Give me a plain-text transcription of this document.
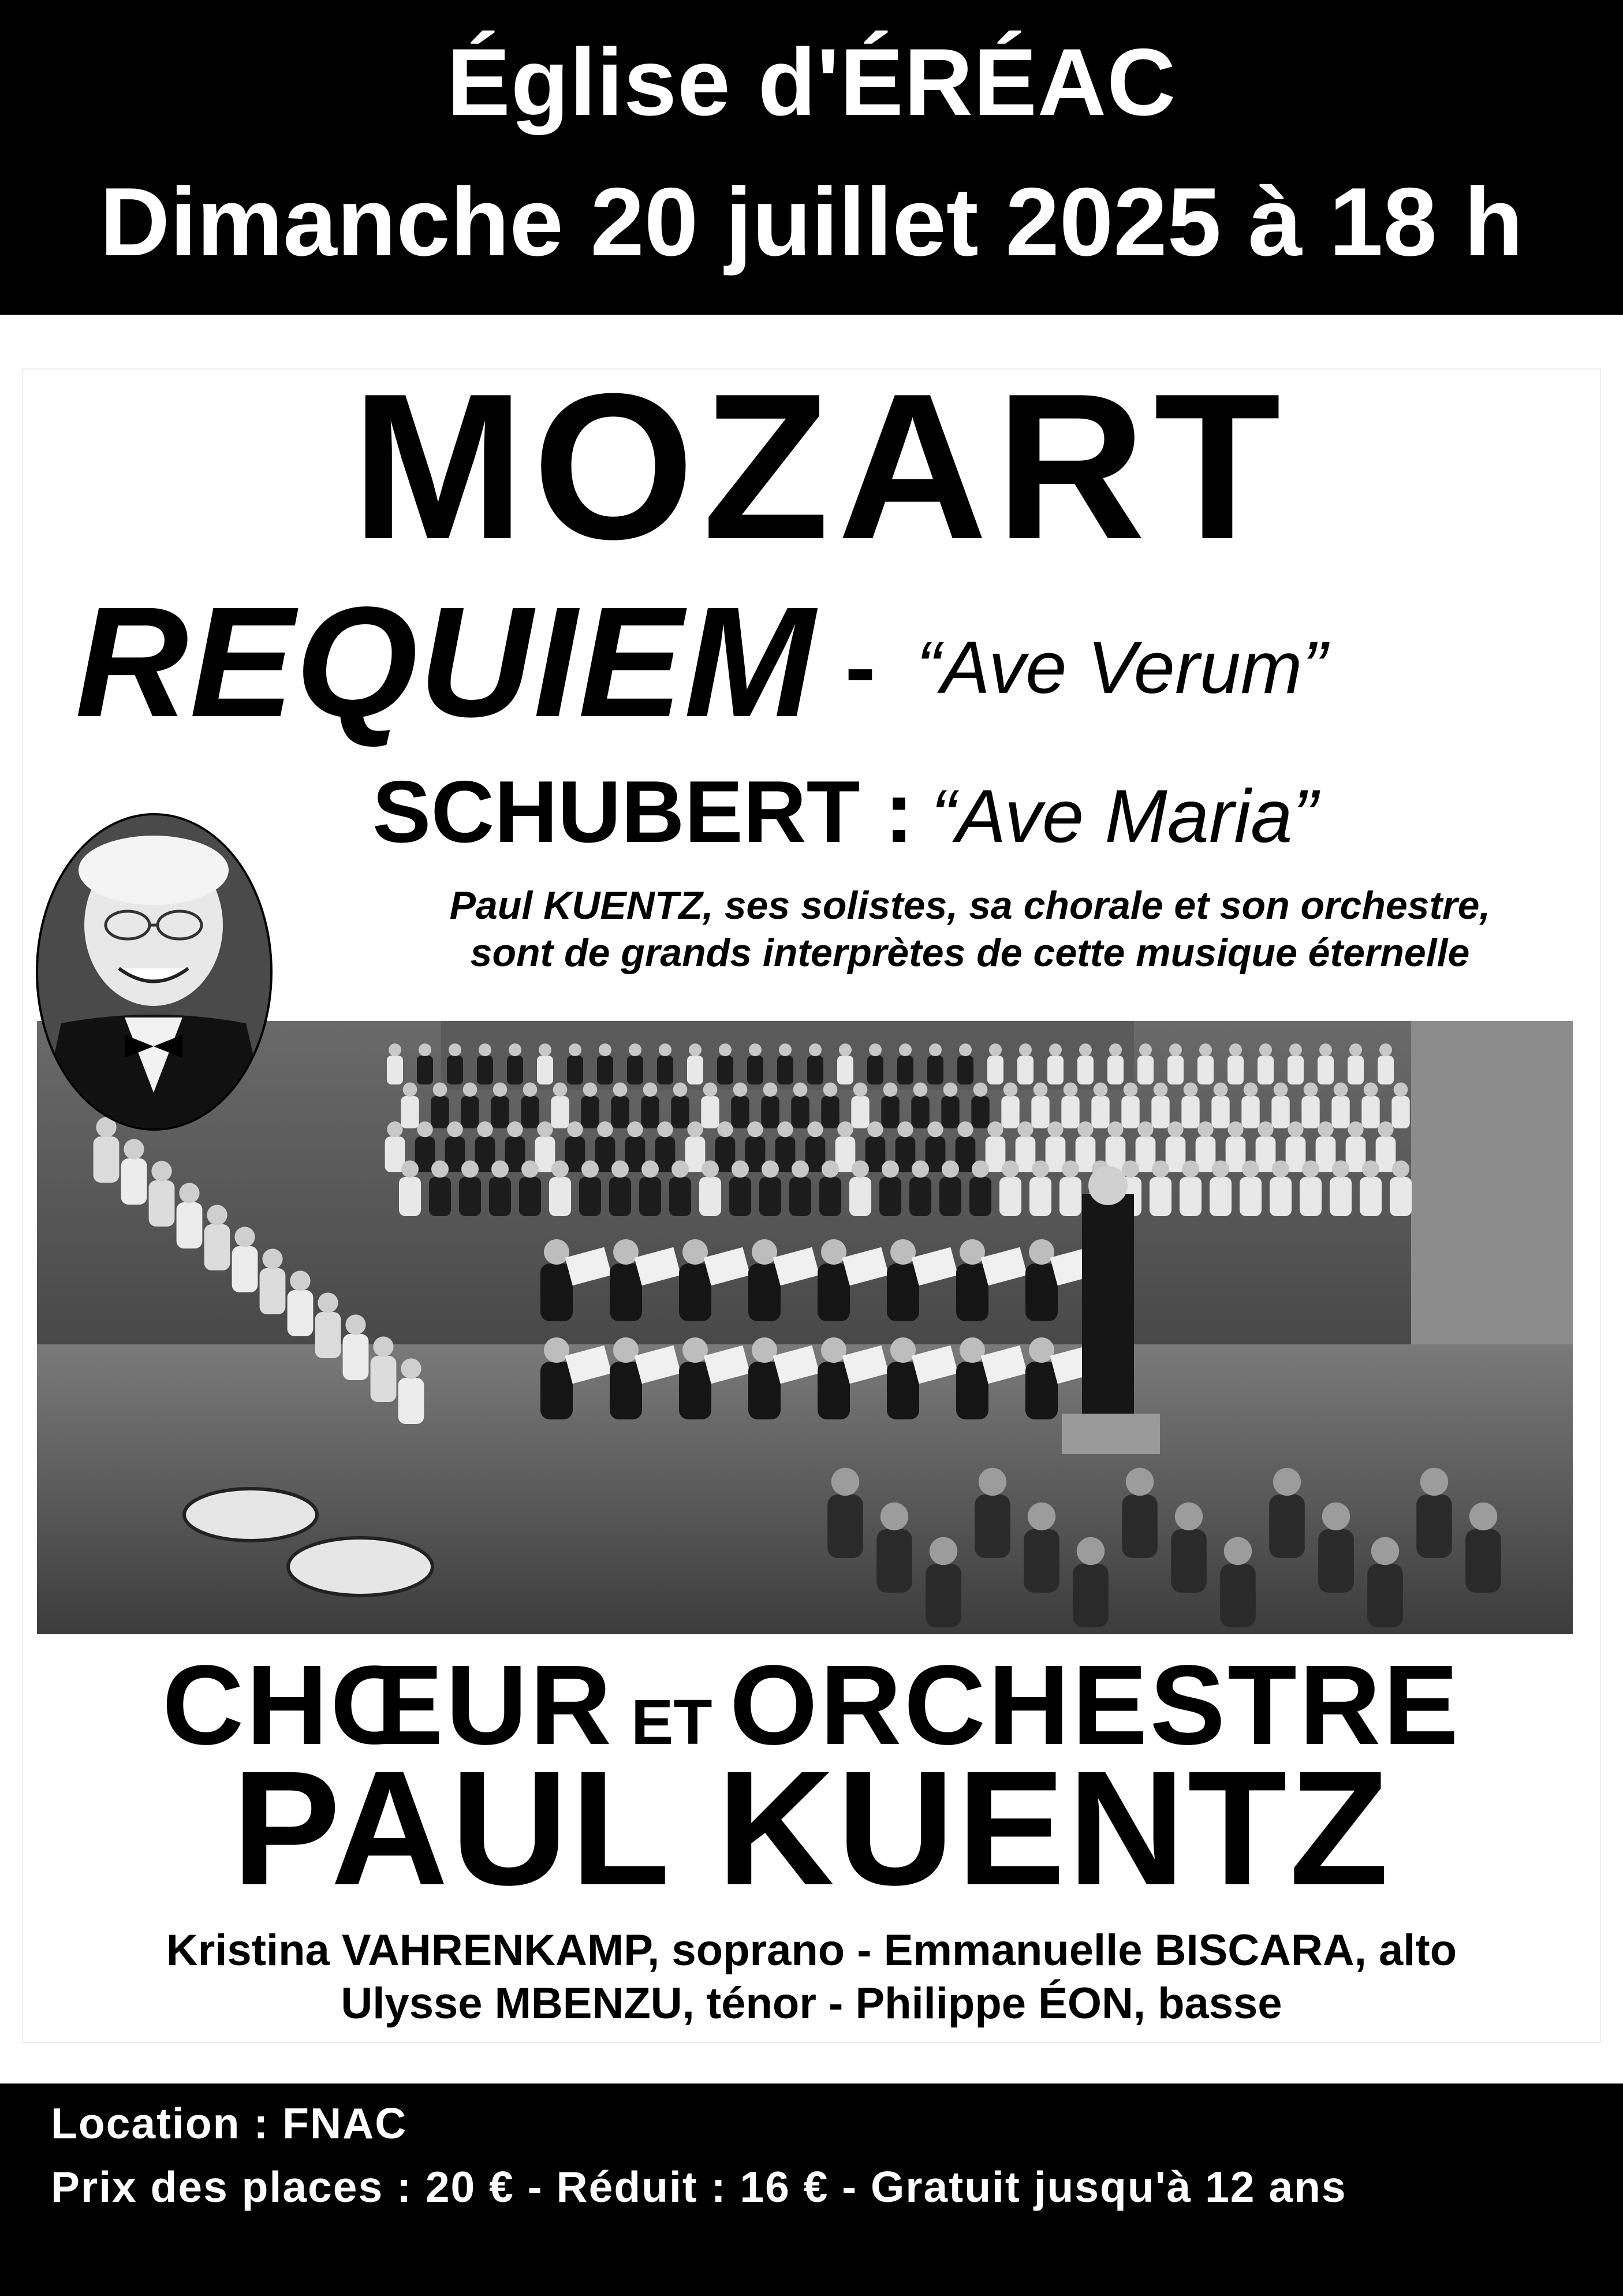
Église d'ÉRÉAC
Dimanche 20 juillet 2025 à 18 h
MOZART
REQUIEM - “Ave Verum”
SCHUBERT : “Ave Maria”
Paul KUENTZ, ses solistes, sa chorale et son orchestre,
sont de grands interprètes de cette musique éternelle
CHŒUR ET ORCHESTRE
PAUL KUENTZ
Kristina VAHRENKAMP, soprano - Emmanuelle BISCARA, alto
Ulysse MBENZU, ténor - Philippe ÉON, basse
Location : FNAC
Prix des places : 20 € - Réduit : 16 € - Gratuit jusqu'à 12 ans
